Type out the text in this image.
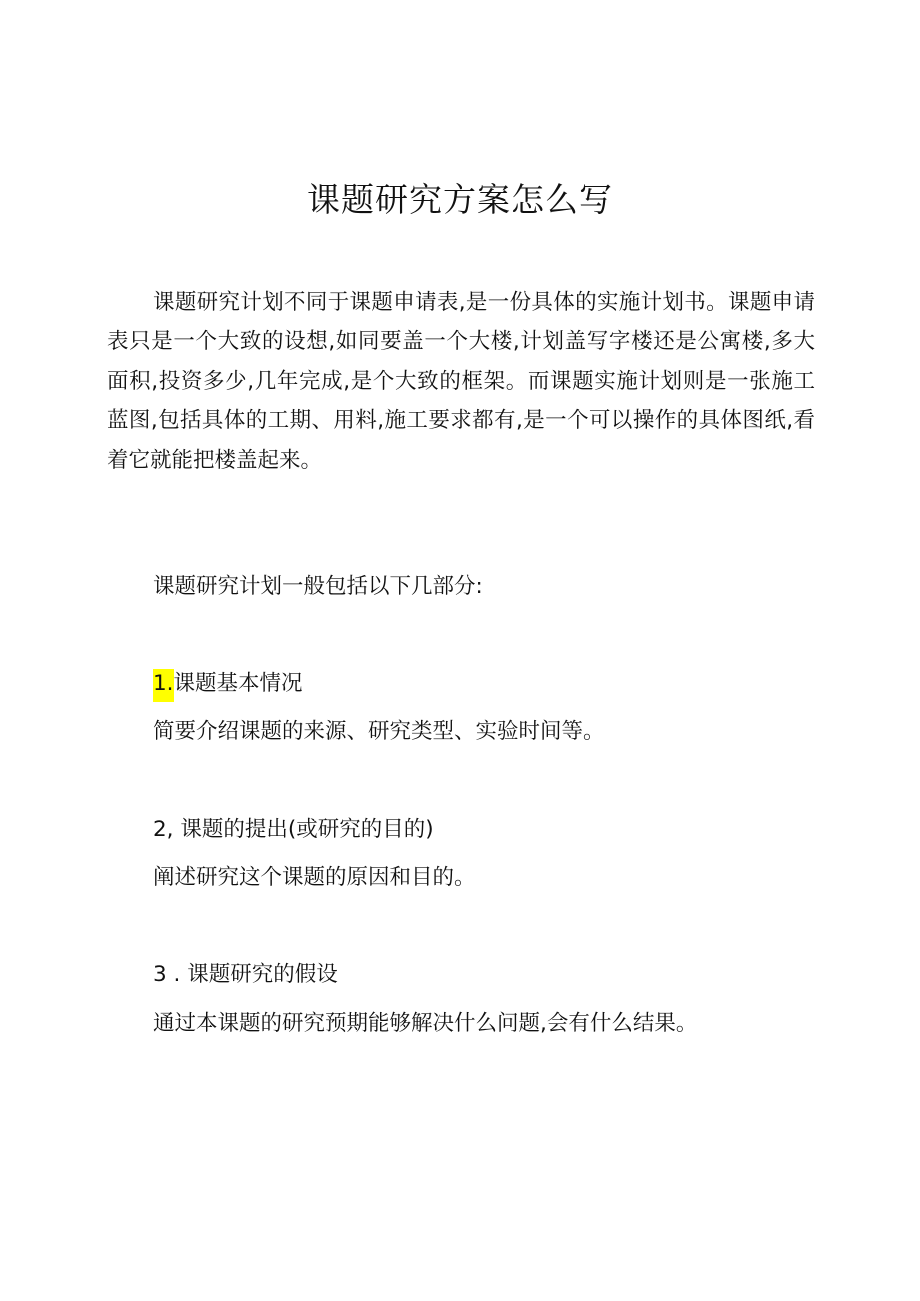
课题研究方案怎么写

课题研究计划不同于课题申请表,是一份具体的实施计划书。课题申请表只是一个大致的设想,如同要盖一个大楼,计划盖写字楼还是公寓楼,多大面积,投资多少,几年完成,是个大致的框架。而课题实施计划则是一张施工蓝图,包括具体的工期、用料,施工要求都有,是一个可以操作的具体图纸,看着它就能把楼盖起来。

课题研究计划一般包括以下几部分:

1.课题基本情况

简要介绍课题的来源、研究类型、实验时间等。

2, 课题的提出(或研究的目的)

阐述研究这个课题的原因和目的。

3 . 课题研究的假设

通过本课题的研究预期能够解决什么问题,会有什么结果。
